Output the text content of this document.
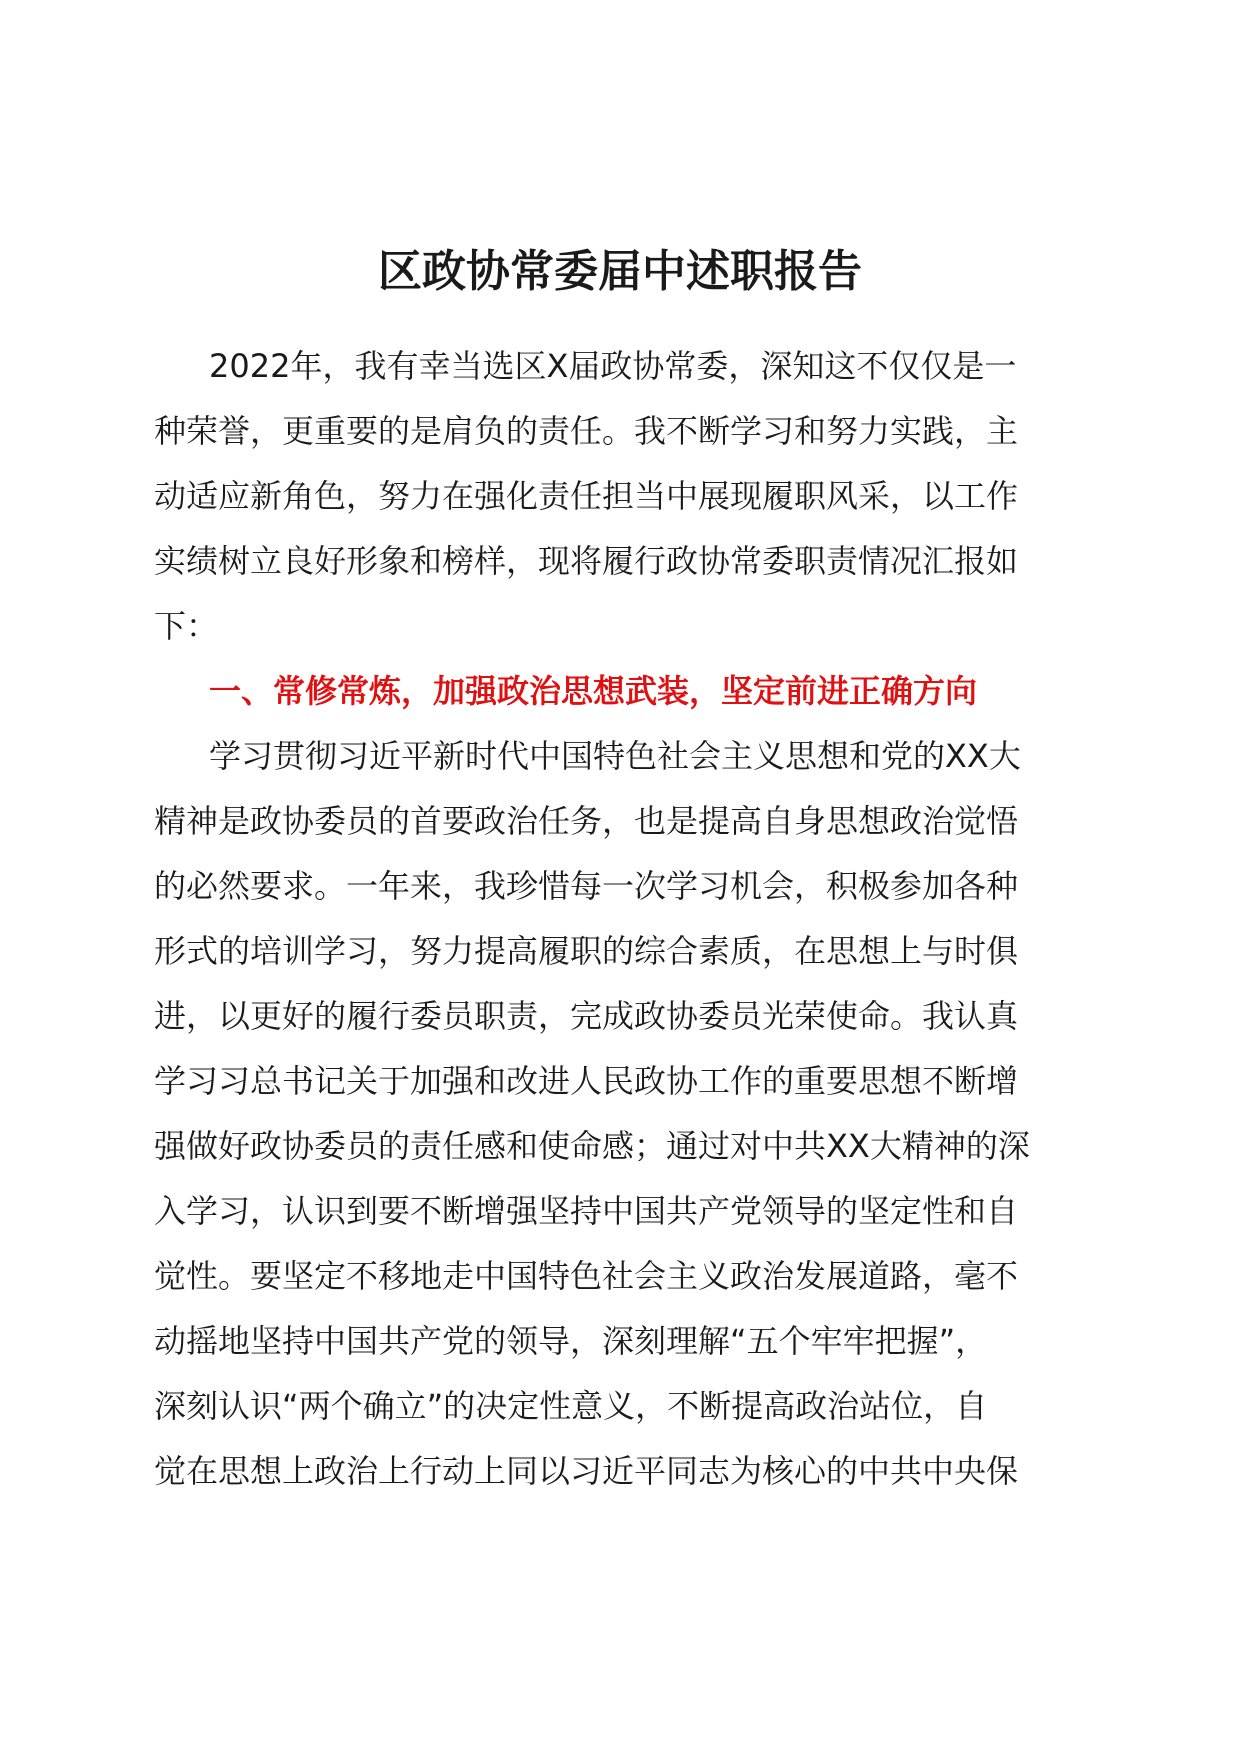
区政协常委届中述职报告
2022年，我有幸当选区X届政协常委，深知这不仅仅是一
种荣誉，更重要的是肩负的责任。我不断学习和努力实践，主
动适应新角色，努力在强化责任担当中展现履职风采，以工作
实绩树立良好形象和榜样，现将履行政协常委职责情况汇报如
下：
一、常修常炼，加强政治思想武装，坚定前进正确方向
学习贯彻习近平新时代中国特色社会主义思想和党的XX大
精神是政协委员的首要政治任务，也是提高自身思想政治觉悟
的必然要求。一年来，我珍惜每一次学习机会，积极参加各种
形式的培训学习，努力提高履职的综合素质，在思想上与时俱
进，以更好的履行委员职责，完成政协委员光荣使命。我认真
学习习总书记关于加强和改进人民政协工作的重要思想不断增
强做好政协委员的责任感和使命感；通过对中共XX大精神的深
入学习，认识到要不断增强坚持中国共产党领导的坚定性和自
觉性。要坚定不移地走中国特色社会主义政治发展道路，毫不
动摇地坚持中国共产党的领导，深刻理解“五个牢牢把握”，
深刻认识“两个确立”的决定性意义，不断提高政治站位，自
觉在思想上政治上行动上同以习近平同志为核心的中共中央保
